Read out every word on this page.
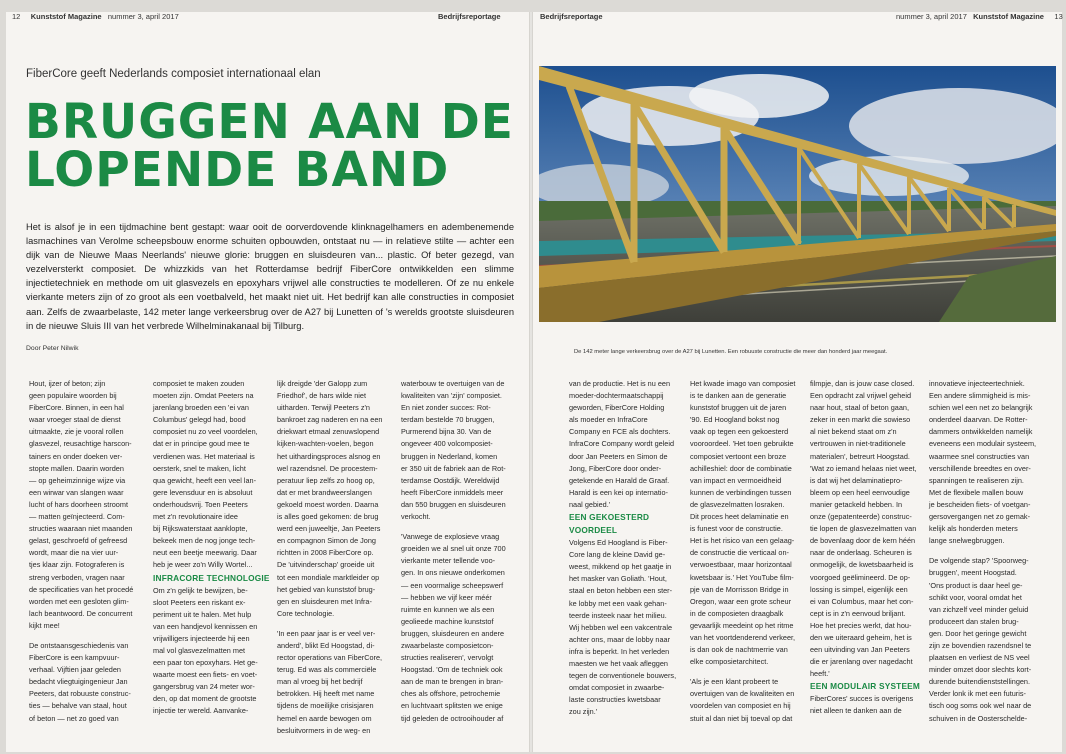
12 Kunststof Magazine nummer 3, april 2017	Bedrijfsreportage	Bedrijfsreportage	nummer 3, april 2017 Kunststof Magazine 13
FiberCore geeft Nederlands composiet internationaal elan
BRUGGEN AAN DE
LOPENDE BAND
Het is alsof je in een tijdmachine bent gestapt: waar ooit de oorverdovende klinknagelhamers en adembenemende lasmachines van Verolme scheepsbouw enorme schuiten opbouwden, ontstaat nu — in relatieve stilte — achter een dijk van de Nieuwe Maas Neerlands' nieuwe glorie: bruggen en sluisdeuren van... plastic. Of beter gezegd, van vezelversterkt composiet. De whizzkids van het Rotterdamse bedrijf FiberCore ontwikkelden een slimme injectietechniek en methode om uit glasvezels en epoxyhars vrijwel alle constructies te modelleren. Of ze nu enkele vierkante meters zijn of zo groot als een voetbalveld, het maakt niet uit. Het bedrijf kan alle constructies in composiet aan. Zelfs de zwaarbelaste, 142 meter lange verkeersbrug over de A27 bij Lunetten of 's werelds grootste sluisdeuren in de nieuwe Sluis III van het verbrede Wilhelminakanaal bij Tilburg.
Door Peter Nilwik
Hout, ijzer of beton; zijn
geen populaire woorden bij
FiberCore. Binnen, in een hal
waar vroeger staal de dienst
uitmaakte, zie je vooral rollen
glasvezel, reusachtige harscon-
tainers en onder doeken ver-
stopte mallen. Daarin worden
— op geheimzinnige wijze via
een wirwar van slangen waar
lucht of hars doorheen stroomt
— matten geïnjecteerd. Com-
structies waaraan niet maanden
gelast, geschroefd of gefreesd
wordt, maar die na vier uur-
tjes klaar zijn. Fotograferen is
streng verboden, vragen naar
de specificaties van het procedé
worden met een gesloten glim-
lach beantwoord. De concurrent
kijkt mee!
De ontstaansgeschiedenis van
FiberCore is een kampvuur-
verhaal. Vijftien jaar geleden
bedacht vliegtuigingenieur Jan
Peeters, dat robuuste construc-
ties — behalve van staal, hout
of beton — net zo goed van
composiet te maken zouden
moeten zijn. Omdat Peeters na
jarenlang broeden een 'ei van
Columbus' gelegd had, bood
composiet nu zo veel voordelen,
dat er in principe goud mee te
verdienen was. Het materiaal is
oersterk, snel te maken, licht
qua gewicht, heeft een veel lan-
gere levensduur en is absoluut
onderhoudsvrij. Toen Peeters
met z'n revolutionaire idee
bij Rijkswaterstaat aanklopte,
bekeek men de nog jonge tech-
neut een beetje meewarig. Daar
heb je weer zo'n Willy Wortel...
INFRACORE TECHNOLOGIE
Om z'n gelijk te bewijzen, be-
sloot Peeters een riskant ex-
periment uit te halen. Met hulp
van een handjevol kennissen en
vrijwilligers injecteerde hij een
mal vol glasvezelmatten met
een paar ton epoxyhars. Het ge-
waarte moest een fiets- en voet-
gangersbrug van 24 meter wor-
den, op dat moment de grootste
injectie ter wereld. Aanvanke-
lijk dreigde 'der Galopp zum
Friedhof', de hars wilde niet
uitharden. Terwijl Peeters z'n
bankroet zag naderen en na een
driekwart etmaal zenuwslopend
kijken-wachten-voelen, begon
het uithardingsproces alsnog en
wel razendsnel. De procestem-
peratuur liep zelfs zo hoog op,
dat er met brandweerslangen
gekoeld moest worden. Daarna
is alles goed gekomen: de brug
werd een juweeltje, Jan Peeters
en compagnon Simon de Jong
richtten in 2008 FiberCore op.
De 'uitvinderschap' groeide uit
tot een mondiale marktleider op
het gebied van kunststof brug-
gen en sluisdeuren met Infra-
Core technologie.
'In een paar jaar is er veel ver-
anderd', blikt Ed Hoogstad, di-
rector operations van FiberCore,
terug. Ed was als commerciële
man al vroeg bij het bedrijf
betrokken. Hij heeft met name
tijdens de moeilijke crisisjaren
hemel en aarde bewogen om
besluitvormers in de weg- en
waterbouw te overtuigen van de
kwaliteiten van 'zijn' composiet.
En niet zonder succes: Rot-
terdam bestelde 70 bruggen,
Purmerend bijna 30. Van de
ongeveer 400 volcomposiet-
bruggen in Nederland, komen
er 350 uit de fabriek aan de Rot-
terdamse Oostdijk. Wereldwijd
heeft FiberCore inmiddels meer
dan 550 bruggen en sluisdeuren
verkocht.
'Vanwege de explosieve vraag
groeiden we al snel uit onze 700
vierkante meter tellende voo-
gen. In ons nieuwe onderkomen
— een voormalige scheepswerf
— hebben we vijf keer méér
ruimte en kunnen we als een
geolieede machine kunststof
bruggen, sluisdeuren en andere
zwaarbelaste composietcon-
structies realiseren', vervolgt
Hoogstad. 'Om de techniek ook
aan de man te brengen in bran-
ches als offshore, petrochemie
en luchtvaart splitsten we enige
tijd geleden de octrooihouder af
van de productie. Het is nu een
moeder-dochtermaatschappij
geworden, FiberCore Holding
als moeder en InfraCore
Company en FCE als dochters.
InfraCore Company wordt geleid
door Jan Peeters en Simon de
Jong, FiberCore door onder-
getekende en Harald de Graaf.
Harald is een kei op internatio-
naal gebied.'
EEN GEKOESTERD
VOORDEEL
Volgens Ed Hoogland is Fiber-
Core lang de kleine David ge-
weest, mikkend op het gaatje in
het masker van Goliath. 'Hout,
staal en beton hebben een ster-
ke lobby met een vaak gehan-
teerde insteek naar het milieu.
Wij hebben wel een vakcentrale
achter ons, maar de lobby naar
infra is beperkt. In het verleden
maesten we het vaak afleggen
tegen de conventionele bouwers,
omdat composiet in zwaarbe-
laste constructies kwetsbaar
zou zijn.'
Het kwade imago van composiet
is te danken aan de generatie
kunststof bruggen uit de jaren
'90. Ed Hoogland bokst nog
vaak op tegen een gekoesterd
vooroordeel. 'Het toen gebruikte
composiet vertoont een broze
achilleshiel: door de combinatie
van impact en vermoeidheid
kunnen de verbindingen tussen
de glasvezelmatten losraken.
Dit proces heet delaminatie en
is funest voor de constructie.
Het is het risico van een gelaag-
de constructie die verticaal on-
verwoestbaar, maar horizontaal
kwetsbaar is.' Het YouTube film-
pje van de Morrisson Bridge in
Oregon, waar een grote scheur
in de composieten draagbalk
gevaarlijk meedeint op het ritme
van het voortdenderend verkeer,
is dan ook de nachtmerrie van
elke composietarchitect.
'Als je een klant probeert te
overtuigen van de kwaliteiten en
voordelen van composiet en hij
stuit al dan niet bij toeval op dat
filmpje, dan is jouw case closed.
Een opdracht zal vrijwel geheid
naar hout, staal of beton gaan,
zeker in een markt die sowieso
al niet bekend staat om z'n
vertrouwen in niet-traditionele
materialen', betreurt Hoogstad.
'Wat zo iemand helaas niet weet,
is dat wij het delaminatiepro-
bleem op een heel eenvoudige
manier getackeld hebben. In
onze (gepatenteerde) construc-
tie lopen de glasvezelmatten van
de bovenlaag door de kern héén
naar de onderlaag. Scheuren is
onmogelijk, de kwetsbaarheid is
voorgoed geëlimineerd. De op-
lossing is simpel, eigenlijk een
ei van Columbus, maar het con-
cept is in z'n eenvoud briljant.
Hoe het precies werkt, dat hou-
den we uiteraard geheim, het is
een uitvinding van Jan Peeters
die er jarenlang over nagedacht
heeft.'
EEN MODULAIR SYSTEEM
FiberCores' succes is overigens
niet alleen te danken aan de
innovatieve injecteertechniek.
Een andere slimmigheid is mis-
schien wel een net zo belangrijk
onderdeel daarvan. De Rotter-
dammers ontwikkelden namelijk
eveneens een modulair systeem,
waarmee snel constructies van
verschillende breedtes en over-
spanningen te realiseren zijn.
Met de flexibele mallen bouw
je bescheiden fiets- of voetgan-
gersovergangen net zo gemak-
kelijk als honderden meters
lange snelwegbruggen.
De volgende stap? 'Spoorweg-
bruggen', meent Hoogstad.
'Ons product is daar heel ge-
schikt voor, vooral omdat het
van zichzelf veel minder geluid
produceert dan stalen brug-
gen. Door het geringe gewicht
zijn ze bovendien razendsnel te
plaatsen en verliest de NS veel
minder omzet door slechts kort-
durende buitendienststellingen.
Verder lonk ik met een futuris-
tisch oog soms ook wel naar de
schuiven in de Oosterschelde-
De 142 meter lange verkeersbrug over de A27 bij Lunetten. Een robuuste constructie die meer dan honderd jaar meegaat.
